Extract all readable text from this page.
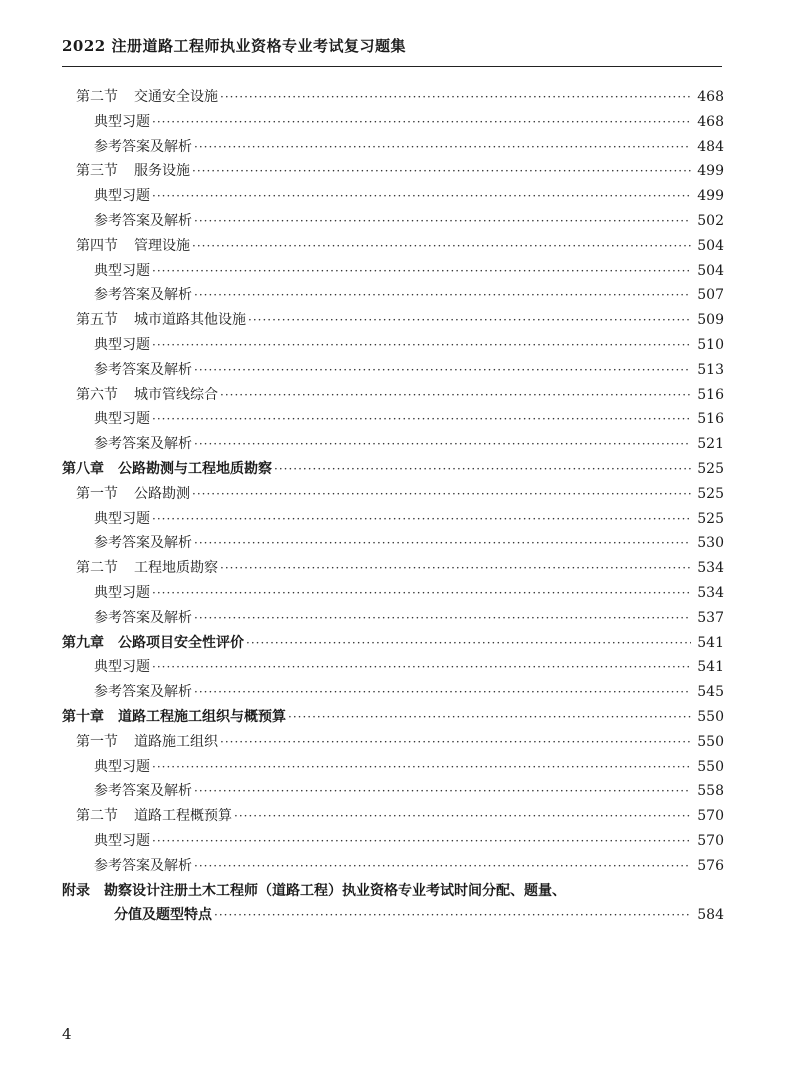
2022 注册道路工程师执业资格专业考试复习题集
第二节 交通安全设施 ·····	468
典型习题 ·····	468
参考答案及解析 ·····	484
第三节 服务设施 ·····	499
典型习题 ·····	499
参考答案及解析 ·····	502
第四节 管理设施 ·····	504
典型习题 ·····	504
参考答案及解析 ·····	507
第五节 城市道路其他设施 ·····	509
典型习题 ·····	510
参考答案及解析 ·····	513
第六节 城市管线综合 ·····	516
典型习题 ·····	516
参考答案及解析 ·····	521
第八章 公路勘测与工程地质勘察 ·····	525
第一节 公路勘测 ·····	525
典型习题 ·····	525
参考答案及解析 ·····	530
第二节 工程地质勘察 ·····	534
典型习题 ·····	534
参考答案及解析 ·····	537
第九章 公路项目安全性评价 ·····	541
典型习题 ·····	541
参考答案及解析 ·····	545
第十章 道路工程施工组织与概预算 ·····	550
第一节 道路施工组织 ·····	550
典型习题 ·····	550
参考答案及解析 ·····	558
第二节 道路工程概预算 ·····	570
典型习题 ·····	570
参考答案及解析 ·····	576
附录 勘察设计注册土木工程师（道路工程）执业资格专业考试时间分配、题量、
分值及题型特点 ·····	584
4
